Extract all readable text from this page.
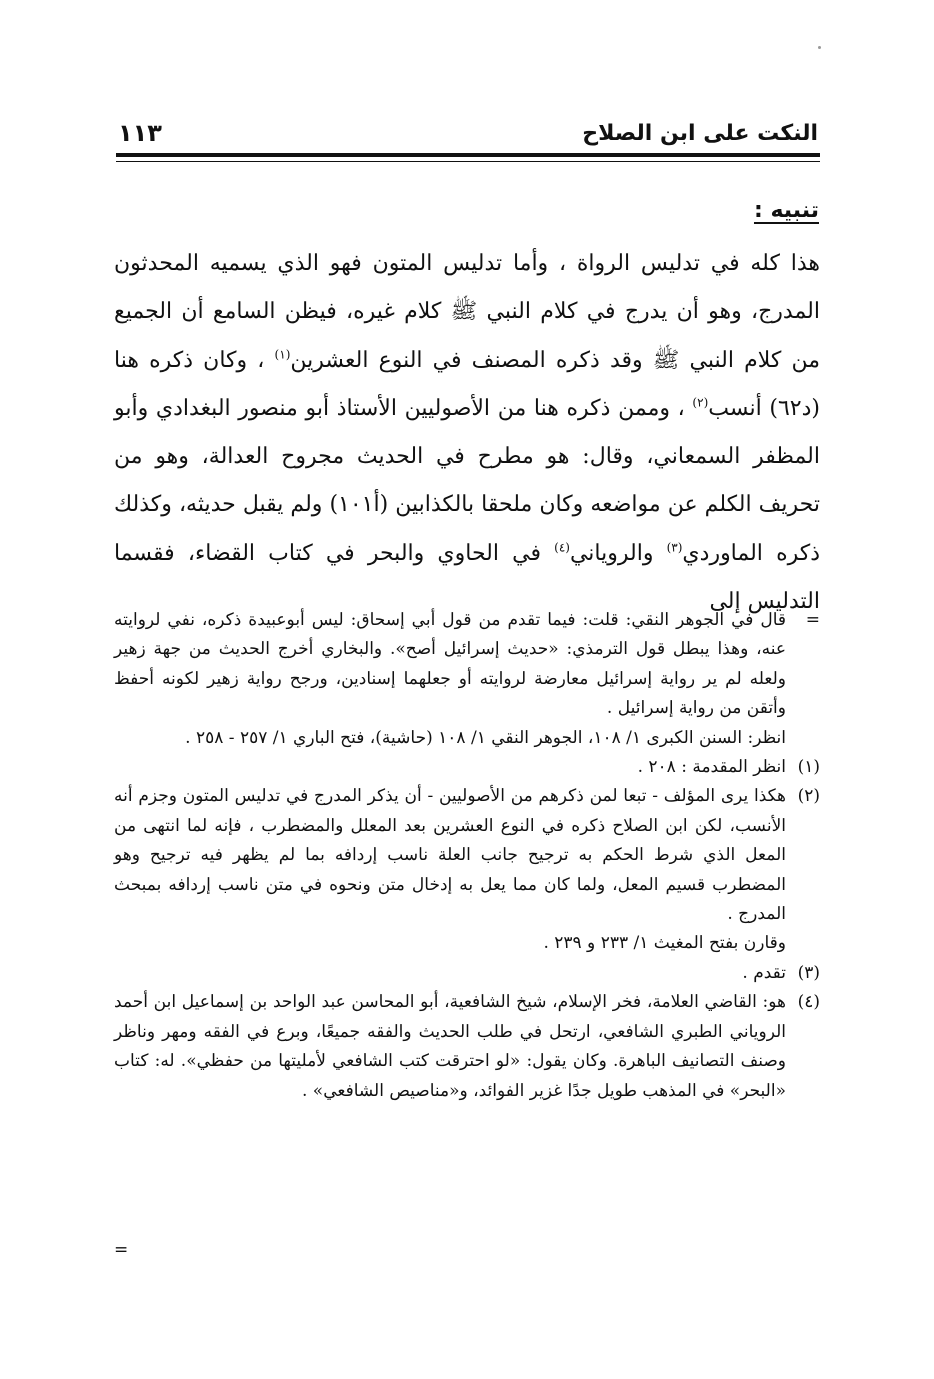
النكت على ابن الصلاح
١١٣
تنبيه :

هذا كله في تدليس الرواة ، وأما تدليس المتون فهو الذي يسميه المحدثون المدرج، وهو أن يدرج في كلام النبي ﷺ كلام غيره، فيظن السامع أن الجميع من كلام النبي ﷺ وقد ذكره المصنف في النوع العشرين$^{(١)}$ ، وكان ذكره هنا (د٦٢) أنسب$^{(٢)}$ ، وممن ذكره هنا من الأصوليين الأستاذ أبو منصور البغدادي وأبو المظفر السمعاني، وقال: هو مطرح في الحديث مجروح العدالة، وهو من تحريف الكلم عن مواضعه وكان ملحقا بالكذابين (أ١٠١) ولم يقبل حديثه، وكذلك ذكره الماوردي$^{(٣)}$ والروياني$^{(٤)}$ في الحاوي والبحر في كتاب القضاء، فقسما التدليس إلى

=

قال في الجوهر النقي: قلت: فيما تقدم من قول أبي إسحاق: ليس أبوعبيدة ذكره، نفي لروايته عنه، وهذا يبطل قول الترمذي: «حديث إسرائيل أصح». والبخاري أخرج الحديث من جهة زهير ولعله لم ير رواية إسرائيل معارضة لروايته أو جعلهما إسنادين، ورجح رواية زهير لكونه أحفظ وأتقن من رواية إسرائيل .

انظر: السنن الكبرى ١/ ١٠٨، الجوهر النقي ١/ ١٠٨ (حاشية)، فتح الباري ١/ ٢٥٧ - ٢٥٨ .

(١)

انظر المقدمة : ٢٠٨ .

(٢)

هكذا يرى المؤلف - تبعا لمن ذكرهم من الأصوليين - أن يذكر المدرج في تدليس المتون وجزم أنه الأنسب، لكن ابن الصلاح ذكره في النوع العشرين بعد المعلل والمضطرب ، فإنه لما انتهى من المعل الذي شرط الحكم به ترجيح جانب العلة ناسب إردافه بما لم يظهر فيه ترجيح وهو المضطرب قسيم المعل، ولما كان مما يعل به إدخال متن ونحوه في متن ناسب إردافه بمبحث المدرج .

وقارن بفتح المغيث ١/ ٢٣٣ و ٢٣٩ .

(٣)

تقدم .

(٤)

هو: القاضي العلامة، فخر الإسلام، شيخ الشافعية، أبو المحاسن عبد الواحد بن إسماعيل ابن أحمد الروياني الطبري الشافعي، ارتحل في طلب الحديث والفقه جميعًا، وبرع في الفقه ومهر وناظر وصنف التصانيف الباهرة. وكان يقول: «لو احترقت كتب الشافعي لأمليتها من حفظي». له: كتاب «البحر» في المذهب طويل جدًا غزير الفوائد، و«مناصيص الشافعي» .

=
